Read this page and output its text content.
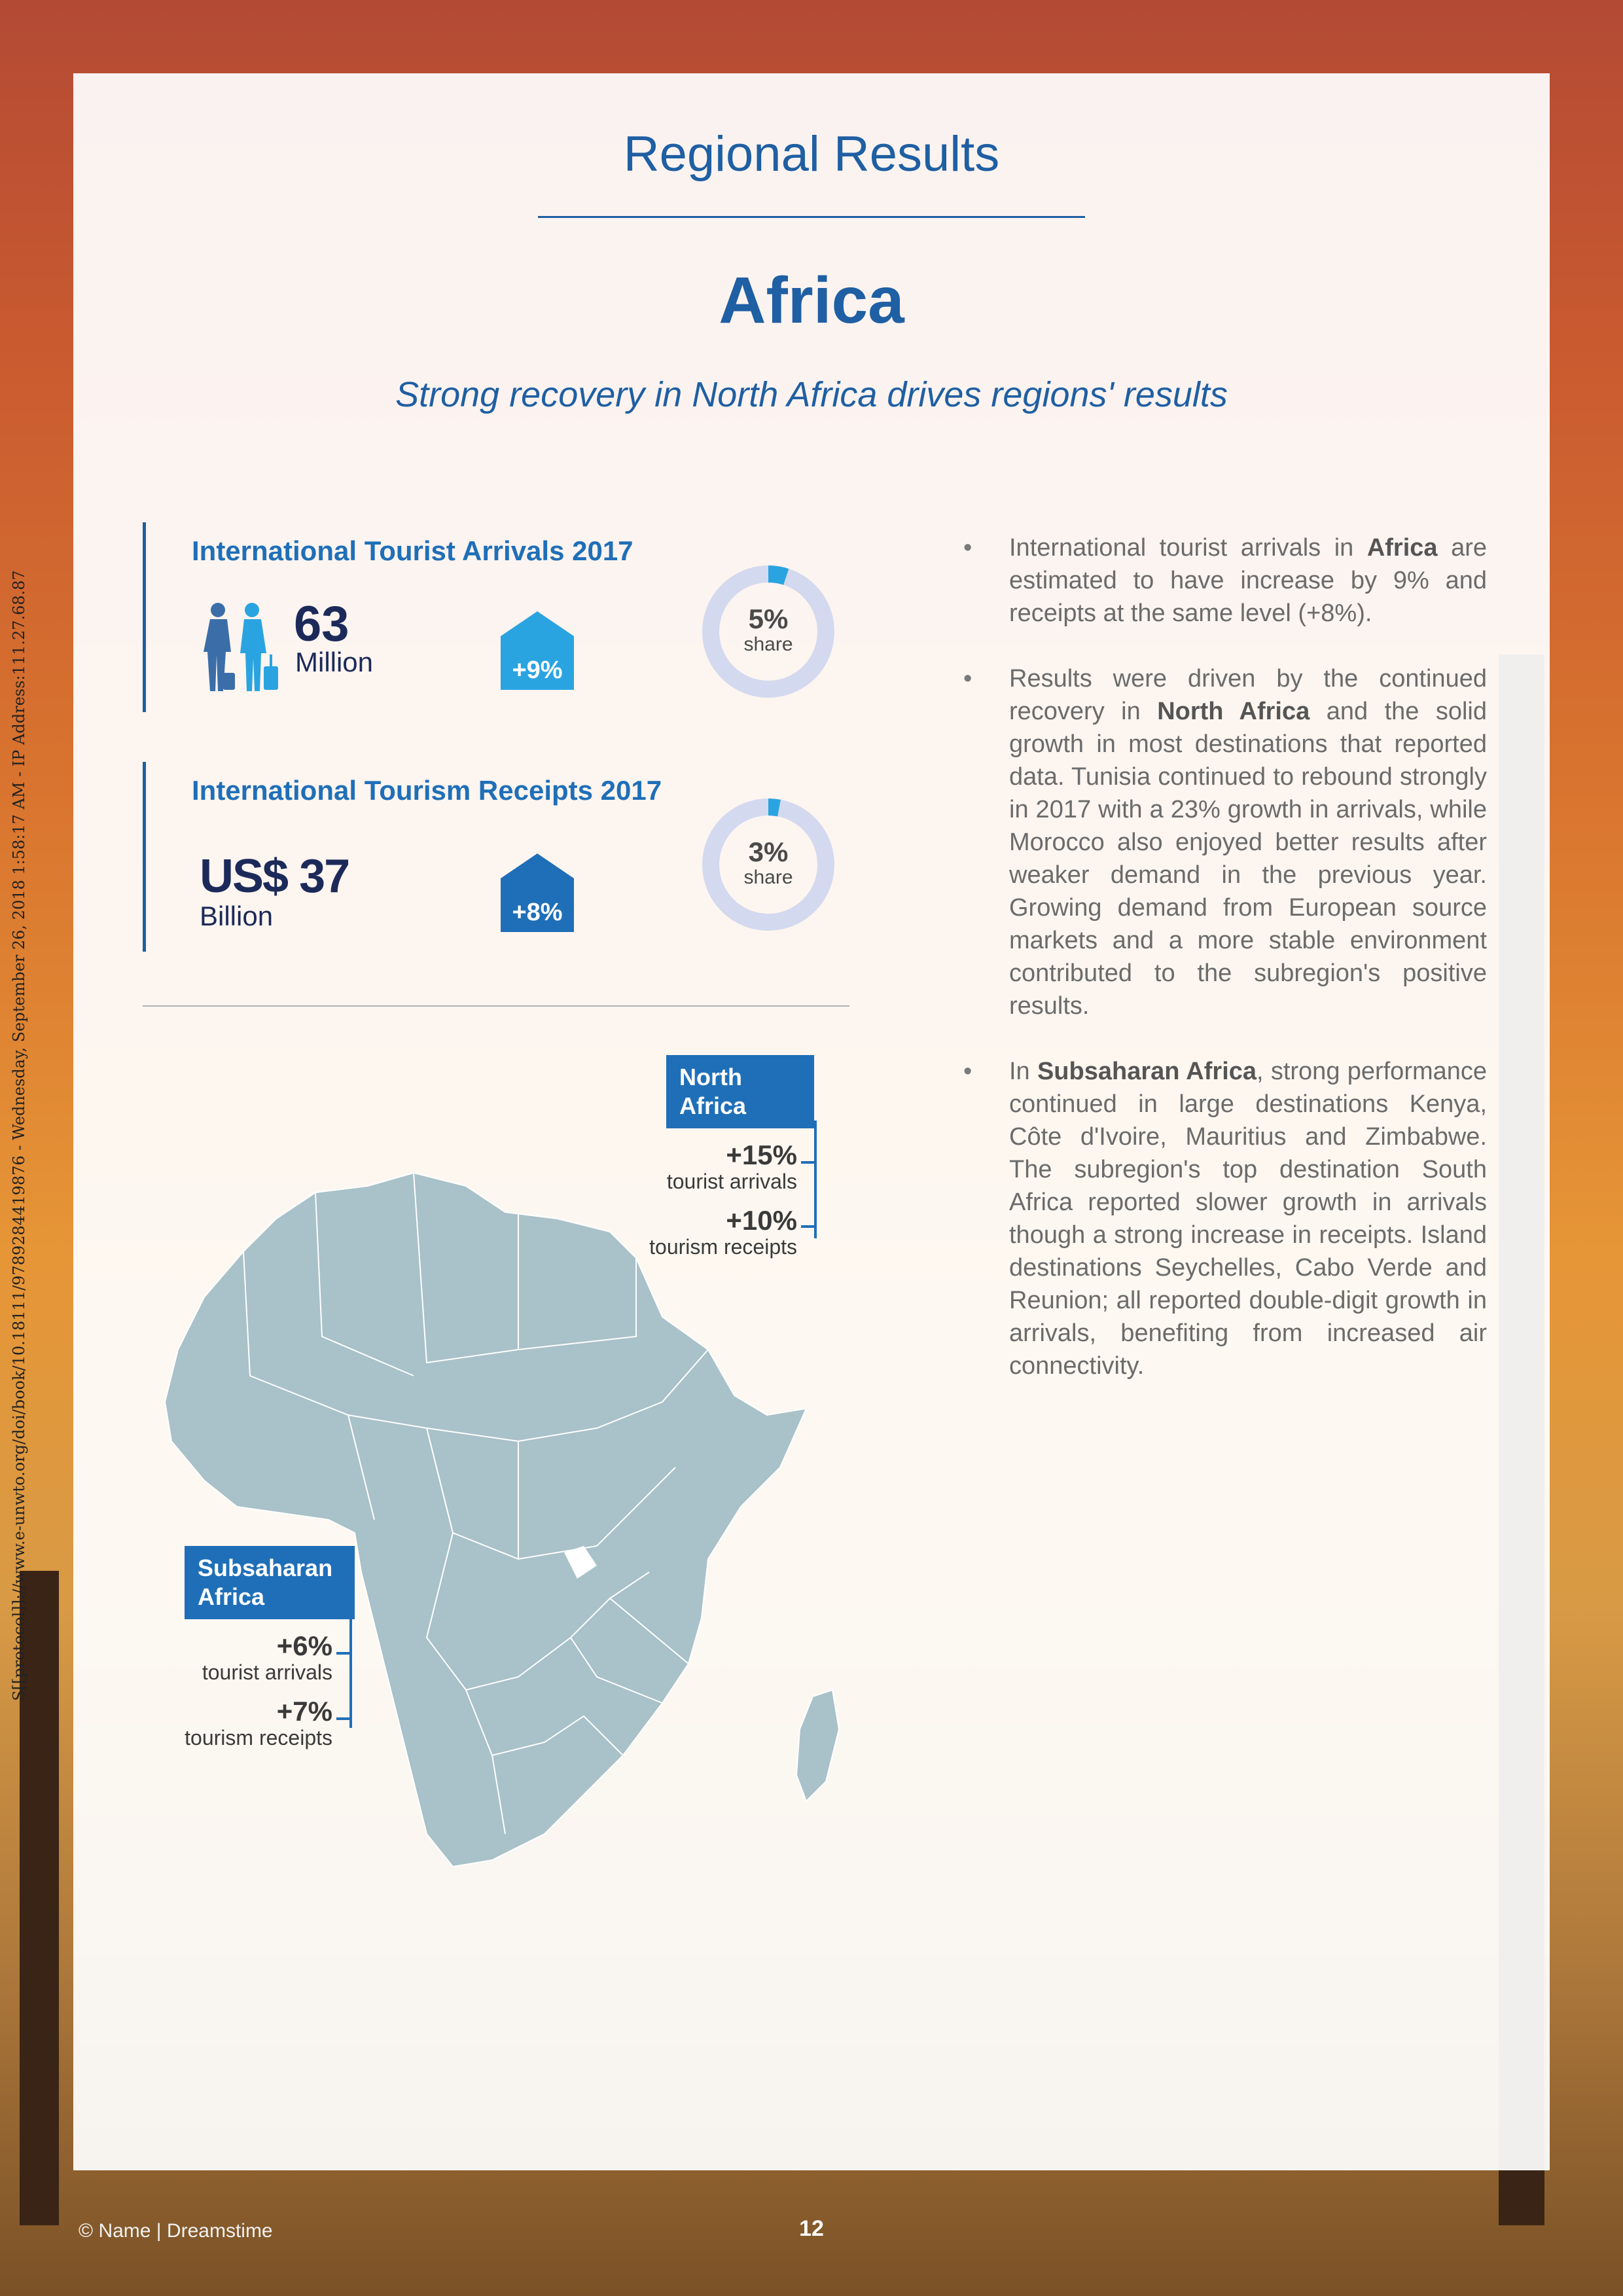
S[[protocol]]://www.e-unwto.org/doi/book/10.18111/9789284419876 - Wednesday, September 26, 2018 1:58:17 AM - IP Address:111.27.68.87
Regional Results
Africa
Strong recovery in North Africa drives regions' results
International Tourist Arrivals 2017
63
Million	+9%
5%
share
International Tourism Receipts 2017
US$ 37
Billion	+8%
3%
share
North
Africa
+15%
tourist arrivals
+10%
tourism receipts
Subsaharan
Africa
+6%
tourist arrivals
+7%
tourism receipts
• International tourist arrivals in Africa are estimated to have increase by 9% and receipts at the same level (+8%).
• Results were driven by the continued recovery in North Africa and the solid growth in most destinations that reported data. Tunisia continued to rebound strongly in 2017 with a 23% growth in arrivals, while Morocco also enjoyed better results after weaker demand in the previous year. Growing demand from European source markets and a more stable environment contributed to the subregion's positive results.
• In Subsaharan Africa, strong performance continued in large destinations Kenya, Côte d'Ivoire, Mauritius and Zimbabwe. The subregion's top destination South Africa reported slower growth in arrivals though a strong increase in receipts. Island destinations Seychelles, Cabo Verde and Reunion; all reported double-digit growth in arrivals, benefiting from increased air connectivity.
© Name | Dreamstime	12
